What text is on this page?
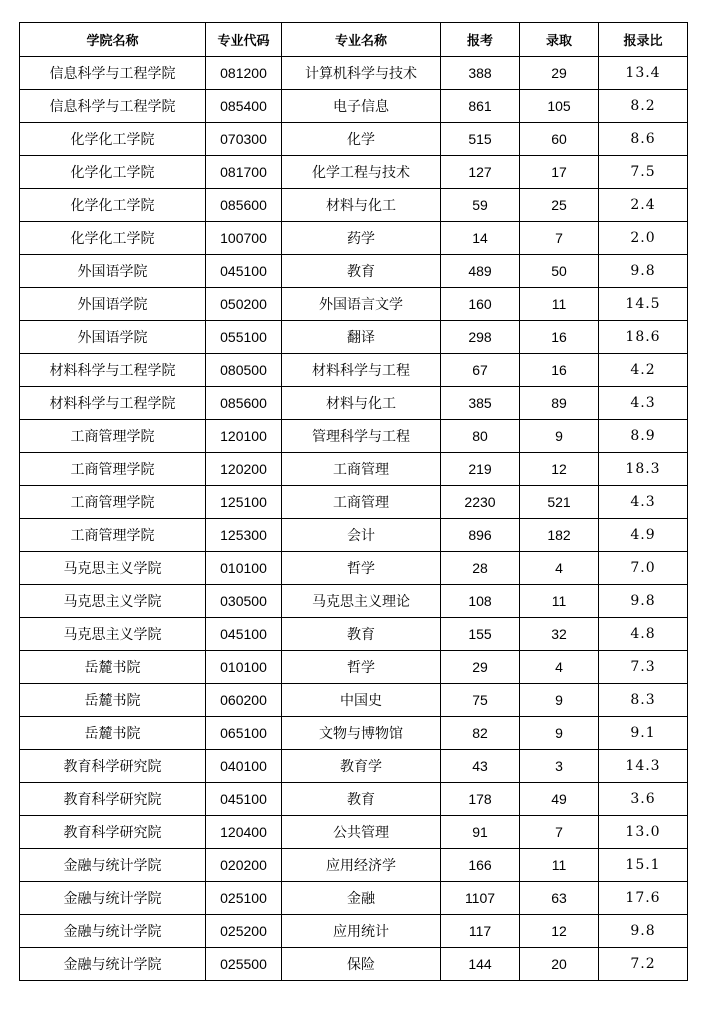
学院名称	专业代码	专业名称	报考	录取	报录比
信息科学与工程学院	081200	计算机科学与技术	388	29	13.4
信息科学与工程学院	085400	电子信息	861	105	8.2
化学化工学院	070300	化学	515	60	8.6
化学化工学院	081700	化学工程与技术	127	17	7.5
化学化工学院	085600	材料与化工	59	25	2.4
化学化工学院	100700	药学	14	7	2.0
外国语学院	045100	教育	489	50	9.8
外国语学院	050200	外国语言文学	160	11	14.5
外国语学院	055100	翻译	298	16	18.6
材料科学与工程学院	080500	材料科学与工程	67	16	4.2
材料科学与工程学院	085600	材料与化工	385	89	4.3
工商管理学院	120100	管理科学与工程	80	9	8.9
工商管理学院	120200	工商管理	219	12	18.3
工商管理学院	125100	工商管理	2230	521	4.3
工商管理学院	125300	会计	896	182	4.9
马克思主义学院	010100	哲学	28	4	7.0
马克思主义学院	030500	马克思主义理论	108	11	9.8
马克思主义学院	045100	教育	155	32	4.8
岳麓书院	010100	哲学	29	4	7.3
岳麓书院	060200	中国史	75	9	8.3
岳麓书院	065100	文物与博物馆	82	9	9.1
教育科学研究院	040100	教育学	43	3	14.3
教育科学研究院	045100	教育	178	49	3.6
教育科学研究院	120400	公共管理	91	7	13.0
金融与统计学院	020200	应用经济学	166	11	15.1
金融与统计学院	025100	金融	1107	63	17.6
金融与统计学院	025200	应用统计	117	12	9.8
金融与统计学院	025500	保险	144	20	7.2
